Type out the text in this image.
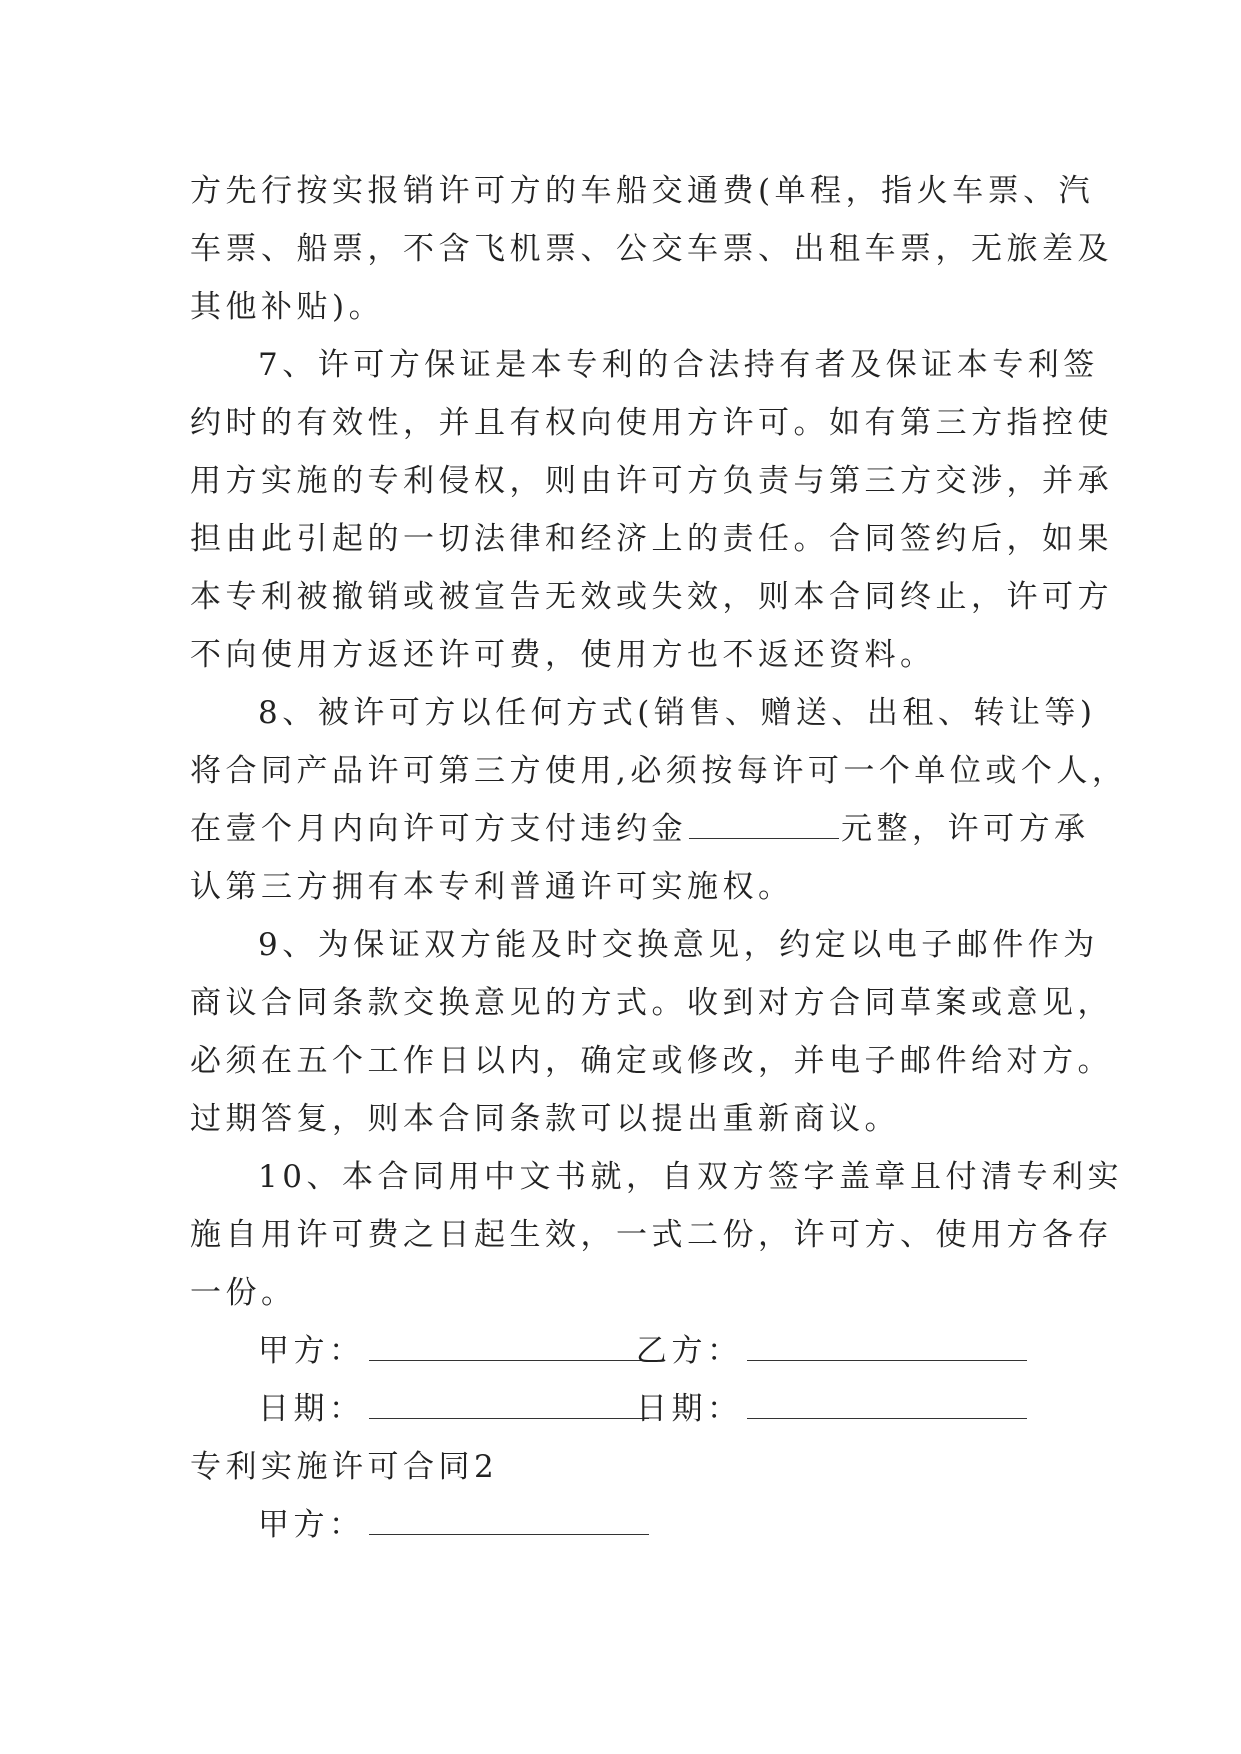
方先行按实报销许可方的车船交通费(单程，指火车票、汽
车票、船票，不含飞机票、公交车票、出租车票，无旅差及
其他补贴)。
7、许可方保证是本专利的合法持有者及保证本专利签
约时的有效性，并且有权向使用方许可。如有第三方指控使
用方实施的专利侵权，则由许可方负责与第三方交涉，并承
担由此引起的一切法律和经济上的责任。合同签约后，如果
本专利被撤销或被宣告无效或失效，则本合同终止，许可方
不向使用方返还许可费，使用方也不返还资料。
8、被许可方以任何方式(销售、赠送、出租、转让等)
将合同产品许可第三方使用,必须按每许可一个单位或个人，
在壹个月内向许可方支付违约金	元整，许可方承
认第三方拥有本专利普通许可实施权。
9、为保证双方能及时交换意见，约定以电子邮件作为
商议合同条款交换意见的方式。收到对方合同草案或意见，
必须在五个工作日以内，确定或修改，并电子邮件给对方。
过期答复，则本合同条款可以提出重新商议。
10、本合同用中文书就，自双方签字盖章且付清专利实
施自用许可费之日起生效，一式二份，许可方、使用方各存
一份。
甲方：	乙方：
日期：	日期：
专利实施许可合同2
甲方：
